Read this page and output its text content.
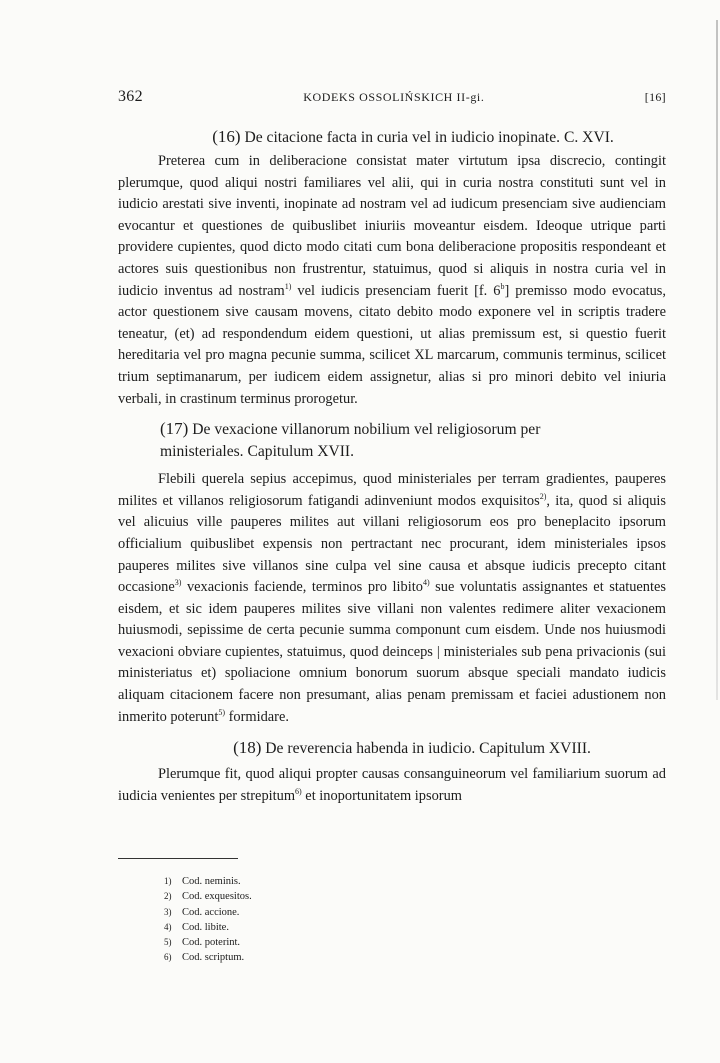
362	KODEKS OSSOLIŃSKICH II-gi.	[16]
(16) De citacione facta in curia vel in iudicio inopinate. C. XVI.

Preterea cum in deliberacione consistat mater virtutum ipsa discrecio, contingit plerumque, quod aliqui nostri familiares vel alii, qui in curia nostra constituti sunt vel in iudicio arestati sive inventi, inopinate ad nostram vel ad iudicum presenciam sive audienciam evocantur et questiones de quibuslibet iniuriis moveantur eisdem. Ideoque utrique parti providere cupientes, quod dicto modo citati cum bona deliberacione propositis respondeant et actores suis questionibus non frustrentur, statuimus, quod si aliquis in nostra curia vel in iudicio inventus ad nostram$^{1)}$ vel iudicis presenciam fuerit [f. 6$^b$] premisso modo evocatus, actor questionem sive causam movens, citato debito modo exponere vel in scriptis tradere teneatur, (et) ad respondendum eidem questioni, ut alias premissum est, si questio fuerit hereditaria vel pro magna pecunie summa, scilicet XL marcarum, communis terminus, scilicet trium septimanarum, per iudicem eidem assignetur, alias si pro minori debito vel iniuria verbali, in crastinum terminus prorogetur.

(17) De vexacione villanorum nobilium vel religiosorum per
ministeriales. Capitulum XVII.

Flebili querela sepius accepimus, quod ministeriales per terram gradientes, pauperes milites et villanos religiosorum fatigandi adinveniunt modos exquisitos$^{2)}$, ita, quod si aliquis vel alicuius ville pauperes milites aut villani religiosorum eos pro beneplacito ipsorum officialium quibuslibet expensis non pertractant nec procurant, idem ministeriales ipsos pauperes milites sive villanos sine culpa vel sine causa et absque iudicis precepto citant occasione$^{3)}$ vexacionis faciende, terminos pro libito$^{4)}$ sue voluntatis assignantes et statuentes eisdem, et sic idem pauperes milites sive villani non valentes redimere aliter vexacionem huiusmodi, sepissime de certa pecunie summa componunt cum eisdem. Unde nos huiusmodi vexacioni obviare cupientes, statuimus, quod deinceps | ministeriales sub pena privacionis (sui ministeriatus et) spoliacione omnium bonorum suorum absque speciali mandato iudicis aliquam citacionem facere non presumant, alias penam premissam et faciei adustionem non inmerito poterunt$^{5)}$ formidare.

(18) De reverencia habenda in iudicio. Capitulum XVIII.

Plerumque fit, quod aliqui propter causas consanguineorum vel familiarium suorum ad iudicia venientes per strepitum$^{6)}$ et inoportunitatem ipsorum

1) Cod. neminis.
2) Cod. exquesitos.
3) Cod. accione.
4) Cod. libite.
5) Cod. poterint.
6) Cod. scriptum.
